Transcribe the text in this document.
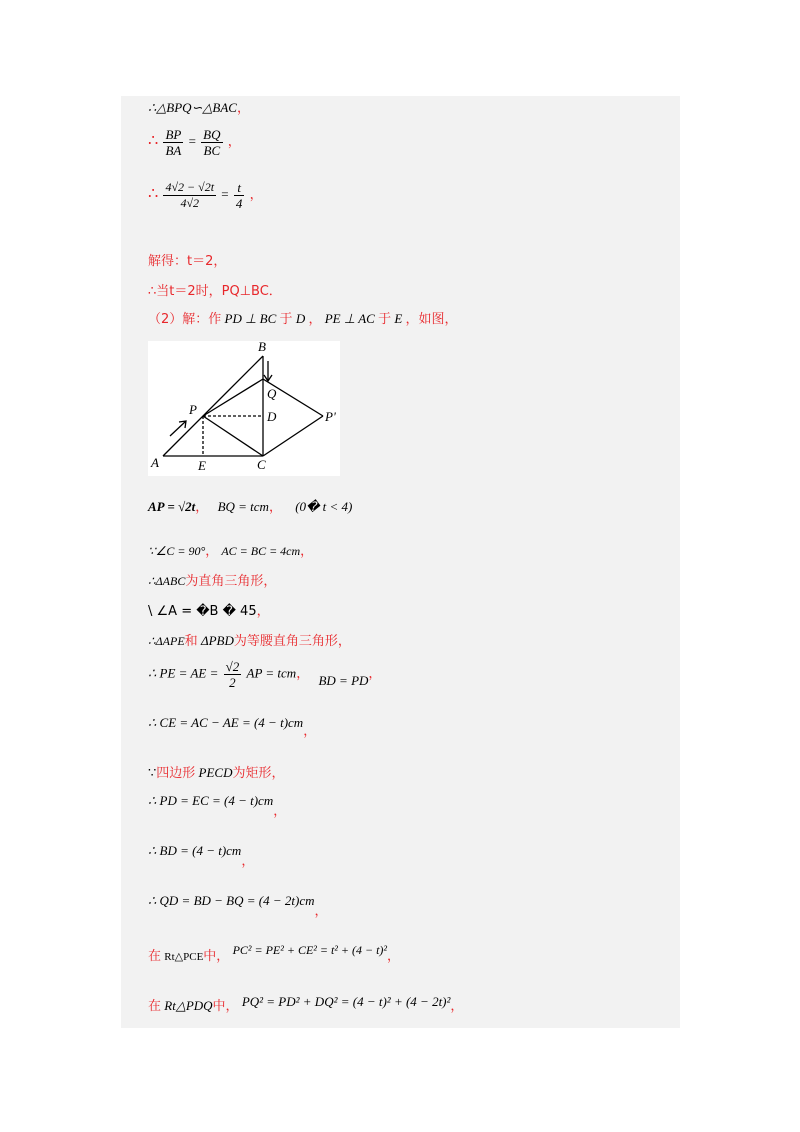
∴△BPQ∽△BAC，
∴ $\frac{BP}{BA} = \frac{BQ}{BC}$ ，
∴ $\frac{4√2 - √2t}{4√2} = \frac{t}{4}$ ，
解得：t＝2，
∴当t＝2时，PQ⊥BC．
（2）解：作 PD ⊥ BC 于 D ， PE ⊥ AC 于 E ，如图，
A
B
C
D
E
P
Q
P'
AP = √2t， BQ = tcm， (0� t < 4)
∵∠C = 90°， AC = BC = 4cm，
∴ΔABC为直角三角形，
\ ∠A = �B � 45，
∴ΔAPE和 ΔPBD为等腰直角三角形，
∴ PE = AE = $\frac{√2}{2}$ AP = tcm， BD = PD，
∴ CE = AC − AE = (4 − t)cm，
∵四边形 PECD为矩形，
∴ PD = EC = (4 − t)cm，
∴ BD = (4 − t)cm，
∴ QD = BD − BQ = (4 − 2t)cm，
在 Rt△PCE中， PC² = PE² + CE² = t² + (4 − t)²，
在 Rt△PDQ中， PQ² = PD² + DQ² = (4 − t)² + (4 − 2t)²，
